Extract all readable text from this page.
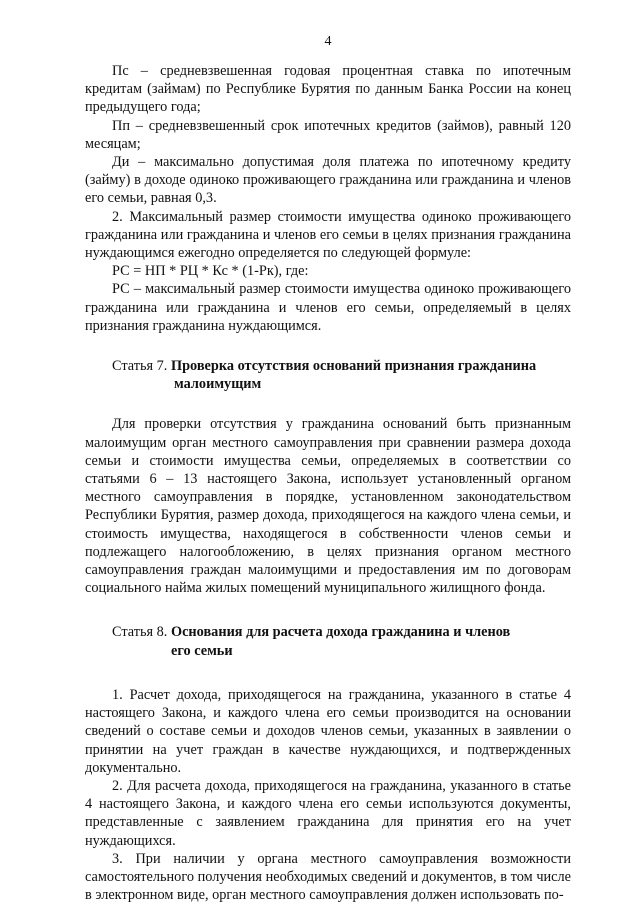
4

Пс – средневзвешенная годовая процентная ставка по ипотечным кредитам (займам) по Республике Бурятия по данным Банка России на конец предыдущего года;

Пп – средневзвешенный срок ипотечных кредитов (займов), равный 120 месяцам;

Ди – максимально допустимая доля платежа по ипотечному кредиту (займу) в доходе одиноко проживающего гражданина или гражданина и членов его семьи, равная 0,3.

2. Максимальный размер стоимости имущества одиноко проживающего гражданина или гражданина и членов его семьи в целях признания гражданина нуждающимся ежегодно определяется по следующей формуле:

РС = НП * РЦ * Кс * (1-Рк), где:

РС – максимальный размер стоимости имущества одиноко проживающего гражданина или гражданина и членов его семьи, определяемый в целях признания гражданина нуждающимся.

Статья 7. Проверка отсутствия оснований признания гражданина
малоимущим

Для проверки отсутствия у гражданина оснований быть признанным малоимущим орган местного самоуправления при сравнении размера дохода семьи и стоимости имущества семьи, определяемых в соответствии со статьями 6 – 13 настоящего Закона, использует установленный органом местного самоуправления в порядке, установленном законодательством Республики Бурятия, размер дохода, приходящегося на каждого члена семьи, и стоимость имущества, находящегося в собственности членов семьи и подлежащего налогообложению, в целях признания органом местного самоуправления граждан малоимущими и предоставления им по договорам социального найма жилых помещений муниципального жилищного фонда.

Статья 8. Основания для расчета дохода гражданина и членов
его семьи

1. Расчет дохода, приходящегося на гражданина, указанного в статье 4 настоящего Закона, и каждого члена его семьи производится на основании сведений о составе семьи и доходов членов семьи, указанных в заявлении о принятии на учет граждан в качестве нуждающихся, и подтвержденных документально.

2. Для расчета дохода, приходящегося на гражданина, указанного в статье 4 настоящего Закона, и каждого члена его семьи используются документы, представленные с заявлением гражданина для принятия его на учет нуждающихся.

3. При наличии у органа местного самоуправления возможности самостоятельного получения необходимых сведений и документов, в том числе в электронном виде, орган местного самоуправления должен использовать по-
